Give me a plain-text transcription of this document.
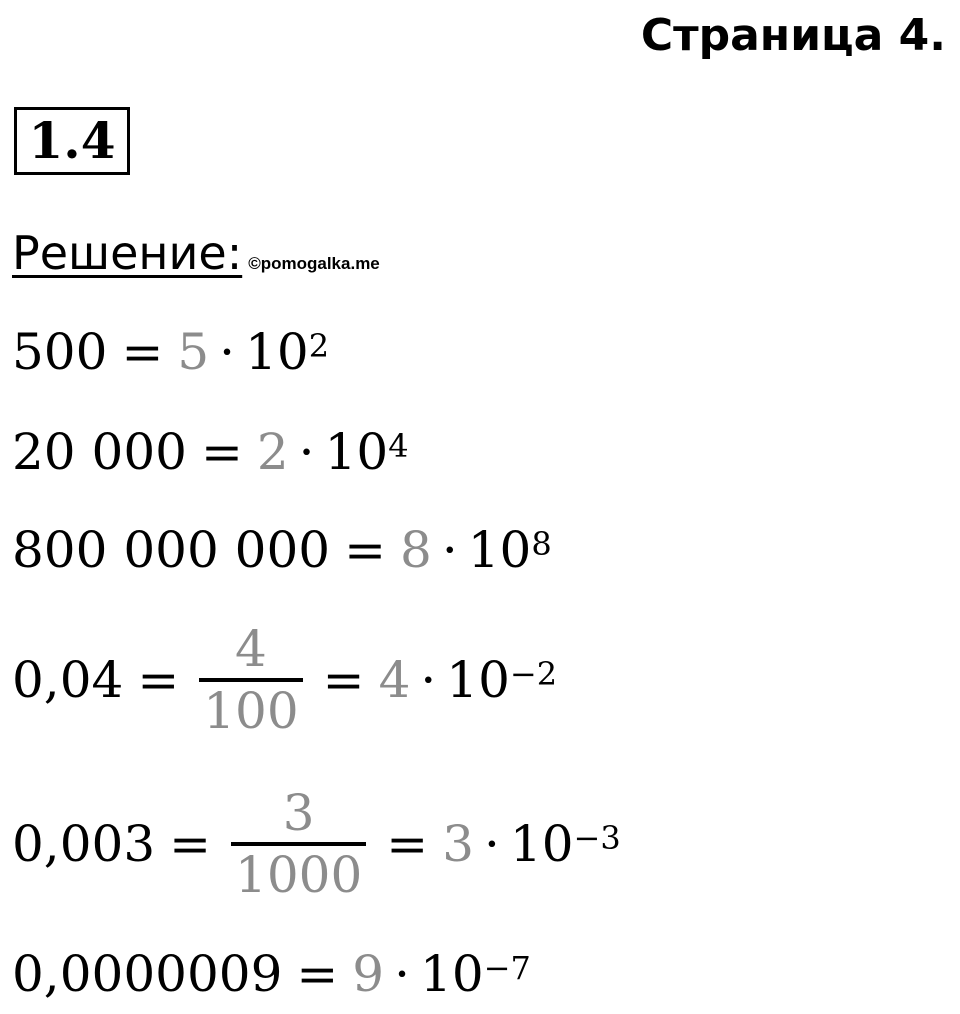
Страница 4.
1.4
Решение: ©pomogalka.me
$500 = 5 \cdot 10^2$
20 $000 = 2 \cdot 10^4$
800 000 $000 = 8 \cdot 10^8$
$0,04 = \frac{4}{100} = 4 \cdot 10^{-2}$
$0,003 = \frac{3}{1000} = 3 \cdot 10^{-3}$
$0,0000009 = 9 \cdot 10^{-7}$
